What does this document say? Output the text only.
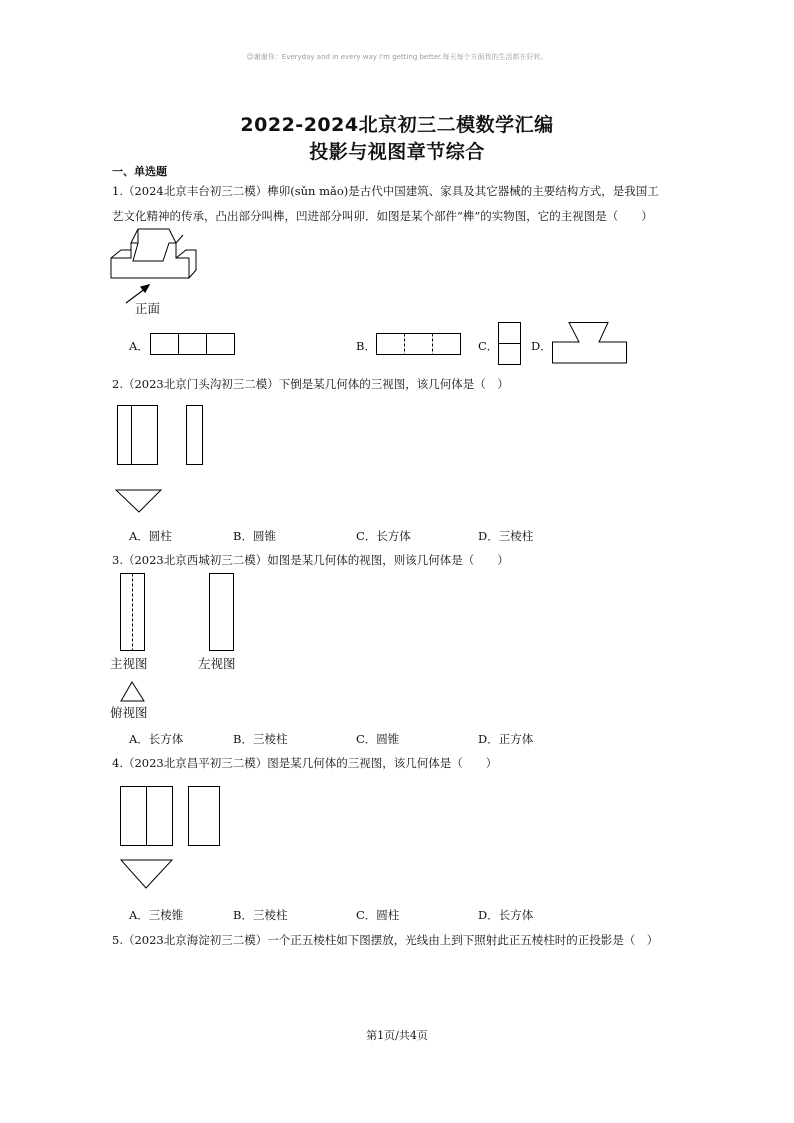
☺谢谢你：Everyday and in every way I'm getting better.每天每个方面我的生活都在好转。
2022-2024北京初三二模数学汇编
投影与视图章节综合
一、单选题
1.（2024北京丰台初三二模）榫卯(sǔn mǎo)是古代中国建筑、家具及其它器械的主要结构方式，是我国工
艺文化精神的传承，凸出部分叫榫，凹进部分叫卯．如图是某个部件“榫”的实物图，它的主视图是（　　）
正面
A．	B．	C．	D．
2.（2023北京门头沟初三二模）下倒是某几何体的三视图，该几何体是（　）
A．圆柱	B．圆锥	C．长方体	D．三棱柱
3.（2023北京西城初三二模）如图是某几何体的视图，则该几何体是（　　）
主视图	左视图
俯视图
A．长方体	B．三棱柱	C．圆锥	D．正方体
4.（2023北京昌平初三二模）图是某几何体的三视图，该几何体是（　　）
A．三棱锥	B．三棱柱	C．圆柱	D．长方体
5.（2023北京海淀初三二模）一个正五棱柱如下图摆放，光线由上到下照射此正五棱柱时的正投影是（　）
第1页/共4页
